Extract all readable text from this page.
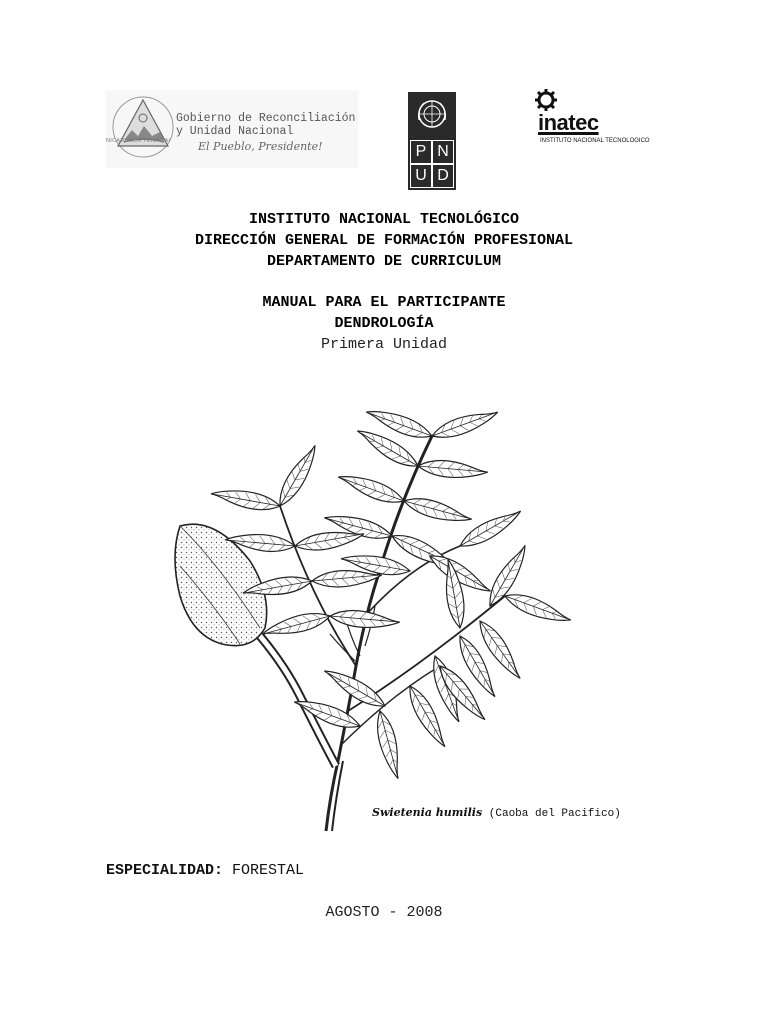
NICARAGUA TRIUNFA!
Gobierno de Reconciliación
y Unidad Nacional
El Pueblo, Presidente!	P N
U D
inatec
INSTITUTO NACIONAL TECNOLOGICO
INSTITUTO NACIONAL TECNOLÓGICO
DIRECCIÓN GENERAL DE FORMACIÓN PROFESIONAL
DEPARTAMENTO DE CURRICULUM
MANUAL PARA EL PARTICIPANTE
DENDROLOGÍA
Primera Unidad
Swietenia humilis (Caoba del Pacifico)
ESPECIALIDAD: FORESTAL
AGOSTO - 2008
